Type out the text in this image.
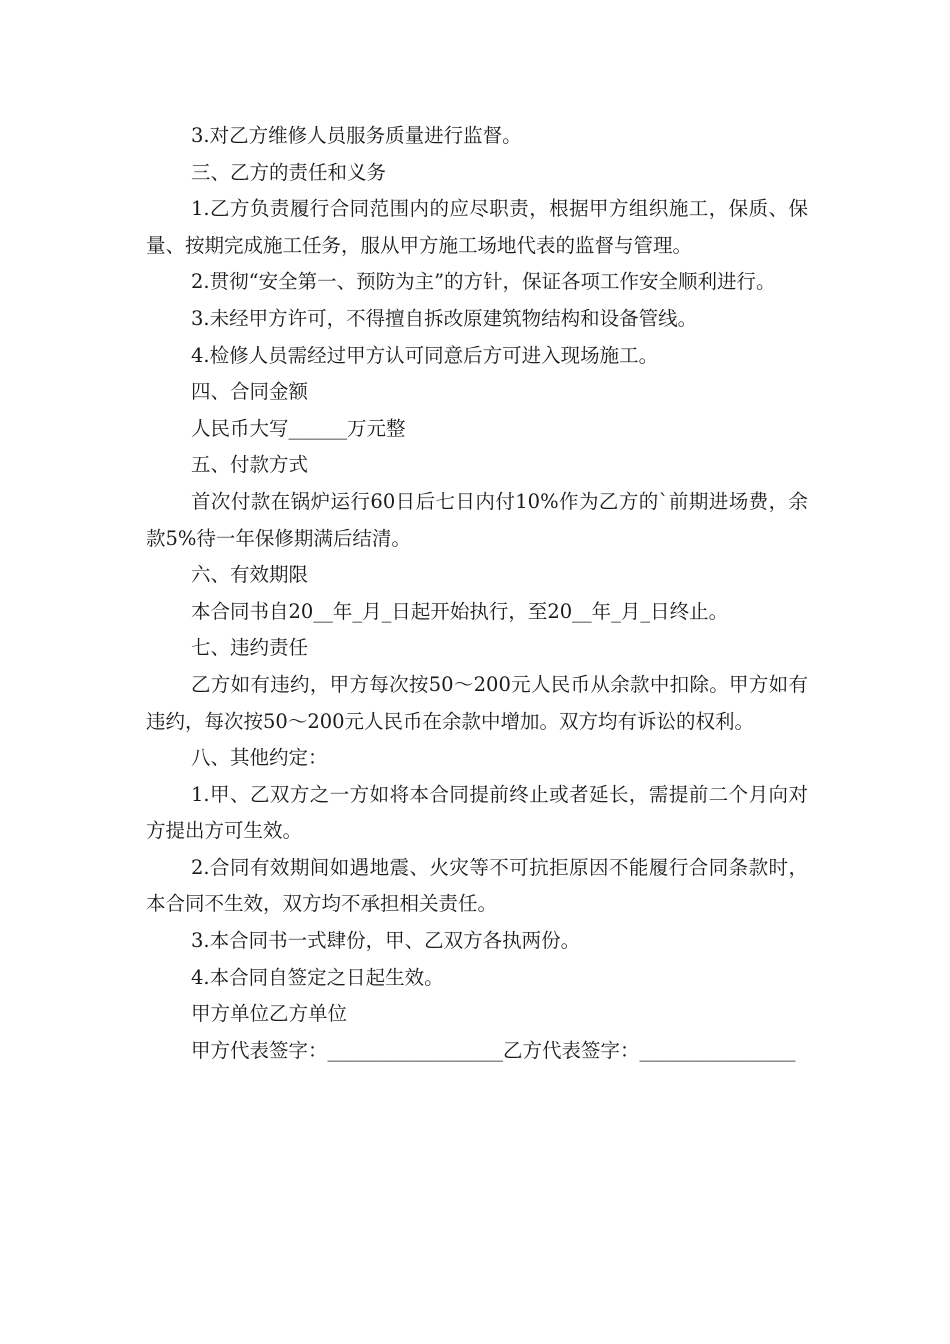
3.对乙方维修人员服务质量进行监督。

三、乙方的责任和义务

1.乙方负责履行合同范围内的应尽职责，根据甲方组织施工，保质、保量、按期完成施工任务，服从甲方施工场地代表的监督与管理。

2.贯彻“安全第一、预防为主”的方针，保证各项工作安全顺利进行。

3.未经甲方许可，不得擅自拆改原建筑物结构和设备管线。

4.检修人员需经过甲方认可同意后方可进入现场施工。

四、合同金额

人民币大写______万元整

五、付款方式

首次付款在锅炉运行60日后七日内付10%作为乙方的`前期进场费，余款5%待一年保修期满后结清。

六、有效期限

本合同书自20__年_月_日起开始执行，至20__年_月_日终止。

七、违约责任

乙方如有违约，甲方每次按50～200元人民币从余款中扣除。甲方如有违约，每次按50～200元人民币在余款中增加。双方均有诉讼的权利。

八、其他约定：

1.甲、乙双方之一方如将本合同提前终止或者延长，需提前二个月向对方提出方可生效。

2.合同有效期间如遇地震、火灾等不可抗拒原因不能履行合同条款时，本合同不生效，双方均不承担相关责任。

3.本合同书一式肆份，甲、乙双方各执两份。

4.本合同自签定之日起生效。

甲方单位乙方单位

甲方代表签字：__________________乙方代表签字：________________
